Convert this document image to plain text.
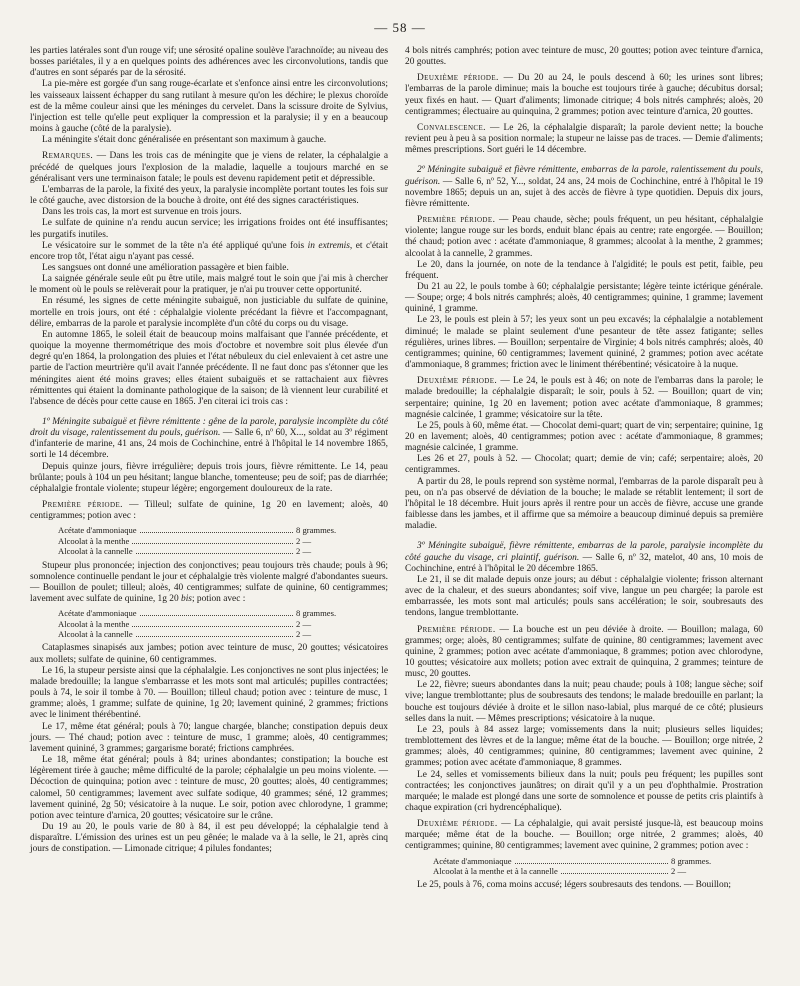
— 58 —

les parties latérales sont d'un rouge vif; une sérosité opaline soulève l'arachnoïde; au niveau des bosses pariétales, il y a en quelques points des adhérences avec les circonvolutions, tandis que d'autres en sont séparés par de la sérosité.

La pie-mère est gorgée d'un sang rouge-écarlate et s'enfonce ainsi entre les circonvolutions; les vaisseaux laissent échapper du sang rutilant à mesure qu'on les déchire; le plexus choroïde est de la même couleur ainsi que les méninges du cervelet. Dans la scissure droite de Sylvius, l'injection est telle qu'elle peut expliquer la compression et la paralysie; il y en a beaucoup moins à gauche (côté de la paralysie).

La méningite s'était donc généralisée en présentant son maximum à gauche.

Remarques. — Dans les trois cas de méningite que je viens de relater, la céphalalgie a précédé de quelques jours l'explosion de la maladie, laquelle a toujours marché en se généralisant vers une terminaison fatale; le pouls est devenu rapidement petit et dépressible.

L'embarras de la parole, la fixité des yeux, la paralysie incomplète portant toutes les fois sur le côté gauche, avec distorsion de la bouche à droite, ont été des signes caractéristiques.

Dans les trois cas, la mort est survenue en trois jours.

Le sulfate de quinine n'a rendu aucun service; les irrigations froides ont été insuffisantes; les purgatifs inutiles.

Le vésicatoire sur le sommet de la tête n'a été appliqué qu'une fois in extremis, et c'était encore trop tôt, l'état aigu n'ayant pas cessé.

Les sangsues ont donné une amélioration passagère et bien faible.

La saignée générale seule eût pu être utile, mais malgré tout le soin que j'ai mis à chercher le moment où le pouls se relèverait pour la pratiquer, je n'ai pu trouver cette opportunité.

En résumé, les signes de cette méningite subaiguë, non justiciable du sulfate de quinine, mortelle en trois jours, ont été : céphalalgie violente précédant la fièvre et l'accompagnant, délire, embarras de la parole et paralysie incomplète d'un côté du corps ou du visage.

En automne 1865, le soleil était de beaucoup moins malfaisant que l'année précédente, et quoique la moyenne thermométrique des mois d'octobre et novembre soit plus élevée d'un degré qu'en 1864, la prolongation des pluies et l'état nébuleux du ciel enlevaient à cet astre une partie de l'action meurtrière qu'il avait l'année précédente. Il ne faut donc pas s'étonner que les méningites aient été moins graves; elles étaient subaiguës et se rattachaient aux fièvres rémittentes qui étaient la dominante pathologique de la saison; de là viennent leur curabilité et l'absence de décès pour cette cause en 1865. J'en citerai ici trois cas :

1º Méningite subaiguë et fièvre rémittente : gêne de la parole, paralysie incomplète du côté droit du visage, ralentissement du pouls, guérison. — Salle 6, nº 60, X..., soldat au 3º régiment d'infanterie de marine, 41 ans, 24 mois de Cochinchine, entré à l'hôpital le 14 novembre 1865, sorti le 14 décembre.

Depuis quinze jours, fièvre irrégulière; depuis trois jours, fièvre rémittente. Le 14, peau brûlante; pouls à 104 un peu hésitant; langue blanche, tomenteuse; peu de soif; pas de diarrhée; céphalalgie frontale violente; stupeur légère; engorgement douloureux de la rate.

Première période. — Tilleul; sulfate de quinine, 1g 20 en lavement; aloès, 40 centigrammes; potion avec :

Acétate d'ammoniaque	8 grammes.
Alcoolat à la menthe	2 —
Alcoolat à la cannelle	2 —

Stupeur plus prononcée; injection des conjonctives; peau toujours très chaude; pouls à 96; somnolence continuelle pendant le jour et céphalalgie très violente malgré d'abondantes sueurs. — Bouillon de poulet; tilleul; aloès, 40 centigrammes; sulfate de quinine, 60 centigrammes; lavement avec sulfate de quinine, 1g 20 bis; potion avec :

Acétate d'ammoniaque	8 grammes.
Alcoolat à la menthe	2 —
Alcoolat à la cannelle	2 —

Cataplasmes sinapisés aux jambes; potion avec teinture de musc, 20 gouttes; vésicatoires aux mollets; sulfate de quinine, 60 centigrammes.

Le 16, la stupeur persiste ainsi que la céphalalgie. Les conjonctives ne sont plus injectées; le malade bredouille; la langue s'embarrasse et les mots sont mal articulés; pupilles contractées; pouls à 74, le soir il tombe à 70. — Bouillon; tilleul chaud; potion avec : teinture de musc, 1 gramme; aloès, 1 gramme; sulfate de quinine, 1g 20; lavement quininé, 2 grammes; frictions avec le liniment thérébentiné.

Le 17, même état général; pouls à 70; langue chargée, blanche; constipation depuis deux jours. — Thé chaud; potion avec : teinture de musc, 1 gramme; aloès, 40 centigrammes; lavement quininé, 3 grammes; gargarisme boraté; frictions camphrées.

Le 18, même état général; pouls à 84; urines abondantes; constipation; la bouche est légèrement tirée à gauche; même difficulté de la parole; céphalalgie un peu moins violente. — Décoction de quinquina; potion avec : teinture de musc, 20 gouttes; aloès, 40 centigrammes; calomel, 50 centigrammes; lavement avec sulfate sodique, 40 grammes; séné, 12 grammes; lavement quininé, 2g 50; vésicatoire à la nuque. Le soir, potion avec chlorodyne, 1 gramme; potion avec teinture d'arnica, 20 gouttes; vésicatoire sur le crâne.

Du 19 au 20, le pouls varie de 80 à 84, il est peu développé; la céphalalgie tend à disparaître. L'émission des urines est un peu gênée; le malade va à la selle, le 21, après cinq jours de constipation. — Limonade citrique; 4 pilules fondantes;

4 bols nitrés camphrés; potion avec teinture de musc, 20 gouttes; potion avec teinture d'arnica, 20 gouttes.

Deuxième période. — Du 20 au 24, le pouls descend à 60; les urines sont libres; l'embarras de la parole diminue; mais la bouche est toujours tirée à gauche; décubitus dorsal; yeux fixés en haut. — Quart d'aliments; limonade citrique; 4 bols nitrés camphrés; aloès, 20 centigrammes; électuaire au quinquina, 2 grammes; potion avec teinture d'arnica, 20 gouttes.

Convalescence. — Le 26, la céphalalgie disparaît; la parole devient nette; la bouche revient peu à peu à sa position normale; la stupeur ne laisse pas de traces. — Demie d'aliments; mêmes prescriptions. Sort guéri le 14 décembre.

2º Méningite subaiguë et fièvre rémittente, embarras de la parole, ralentissement du pouls, guérison. — Salle 6, nº 52, Y..., soldat, 24 ans, 24 mois de Cochinchine, entré à l'hôpital le 19 novembre 1865; depuis un an, sujet à des accès de fièvre à type quotidien. Depuis dix jours, fièvre rémittente.

Première période. — Peau chaude, sèche; pouls fréquent, un peu hésitant, céphalalgie violente; langue rouge sur les bords, enduit blanc épais au centre; rate engorgée. — Bouillon; thé chaud; potion avec : acétate d'ammoniaque, 8 grammes; alcoolat à la menthe, 2 grammes; alcoolat à la cannelle, 2 grammes.

Le 20, dans la journée, on note de la tendance à l'algidité; le pouls est petit, faible, peu fréquent.

Du 21 au 22, le pouls tombe à 60; céphalalgie persistante; légère teinte ictérique générale. — Soupe; orge; 4 bols nitrés camphrés; aloès, 40 centigrammes; quinine, 1 gramme; lavement quininé, 1 gramme.

Le 23, le pouls est plein à 57; les yeux sont un peu excavés; la céphalalgie a notablement diminué; le malade se plaint seulement d'une pesanteur de tête assez fatigante; selles régulières, urines libres. — Bouillon; serpentaire de Virginie; 4 bols nitrés camphrés; aloès, 40 centigrammes; quinine, 60 centigrammes; lavement quininé, 2 grammes; potion avec acétate d'ammoniaque, 8 grammes; friction avec le liniment thérébentiné; vésicatoire à la nuque.

Deuxième période. — Le 24, le pouls est à 46; on note de l'embarras dans la parole; le malade bredouille; la céphalalgie disparaît; le soir, pouls à 52. — Bouillon; quart de vin; serpentaire; quinine, 1g 20 en lavement; potion avec acétate d'ammoniaque, 8 grammes; magnésie calcinée, 1 gramme; vésicatoire sur la tête.

Le 25, pouls à 60, même état. — Chocolat demi-quart; quart de vin; serpentaire; quinine, 1g 20 en lavement; aloès, 40 centigrammes; potion avec : acétate d'ammoniaque, 8 grammes; magnésie calcinée, 1 gramme.

Les 26 et 27, pouls à 52. — Chocolat; quart; demie de vin; café; serpentaire; aloès, 20 centigrammes.

A partir du 28, le pouls reprend son système normal, l'embarras de la parole disparaît peu à peu, on n'a pas observé de déviation de la bouche; le malade se rétablit lentement; il sort de l'hôpital le 18 décembre. Huit jours après il rentre pour un accès de fièvre, accuse une grande faiblesse dans les jambes, et il affirme que sa mémoire a beaucoup diminué depuis sa première maladie.

3º Méningite subaiguë, fièvre rémittente, embarras de la parole, paralysie incomplète du côté gauche du visage, cri plaintif, guérison. — Salle 6, nº 32, matelot, 40 ans, 10 mois de Cochinchine, entré à l'hôpital le 20 décembre 1865.

Le 21, il se dit malade depuis onze jours; au début : céphalalgie violente; frisson alternant avec de la chaleur, et des sueurs abondantes; soif vive, langue un peu chargée; la parole est embarrassée, les mots sont mal articulés; pouls sans accélération; le soir, soubresauts des tendons, langue tremblottante.

Première période. — La bouche est un peu déviée à droite. — Bouillon; malaga, 60 grammes; orge; aloès, 80 centigrammes; sulfate de quinine, 80 centigrammes; lavement avec quinine, 2 grammes; potion avec acétate d'ammoniaque, 8 grammes; potion avec chlorodyne, 10 gouttes; vésicatoire aux mollets; potion avec extrait de quinquina, 2 grammes; teinture de musc, 20 gouttes.

Le 22, fièvre; sueurs abondantes dans la nuit; peau chaude; pouls à 108; langue sèche; soif vive; langue tremblottante; plus de soubresauts des tendons; le malade bredouille en parlant; la bouche est toujours déviée à droite et le sillon naso-labial, plus marqué de ce côté; plusieurs selles dans la nuit. — Mêmes prescriptions; vésicatoire à la nuque.

Le 23, pouls à 84 assez large; vomissements dans la nuit; plusieurs selles liquides; tremblottement des lèvres et de la langue; même état de la bouche. — Bouillon; orge nitrée, 2 grammes; aloès, 40 centigrammes; quinine, 80 centigrammes; lavement avec quinine, 2 grammes; potion avec acétate d'ammoniaque, 8 grammes.

Le 24, selles et vomissements bilieux dans la nuit; pouls peu fréquent; les pupilles sont contractées; les conjonctives jaunâtres; on dirait qu'il y a un peu d'ophthalmie. Prostration marquée; le malade est plongé dans une sorte de somnolence et pousse de petits cris plaintifs à chaque expiration (cri hydrencéphalique).

Deuxième période. — La céphalalgie, qui avait persisté jusque-là, est beaucoup moins marquée; même état de la bouche. — Bouillon; orge nitrée, 2 grammes; aloès, 40 centigrammes; quinine, 80 centigrammes; lavement avec quinine, 2 grammes; potion avec :

Acétate d'ammoniaque	8 grammes.
Alcoolat à la menthe et à la cannelle	2 —

Le 25, pouls à 76, coma moins accusé; légers soubresauts des tendons. — Bouillon;
